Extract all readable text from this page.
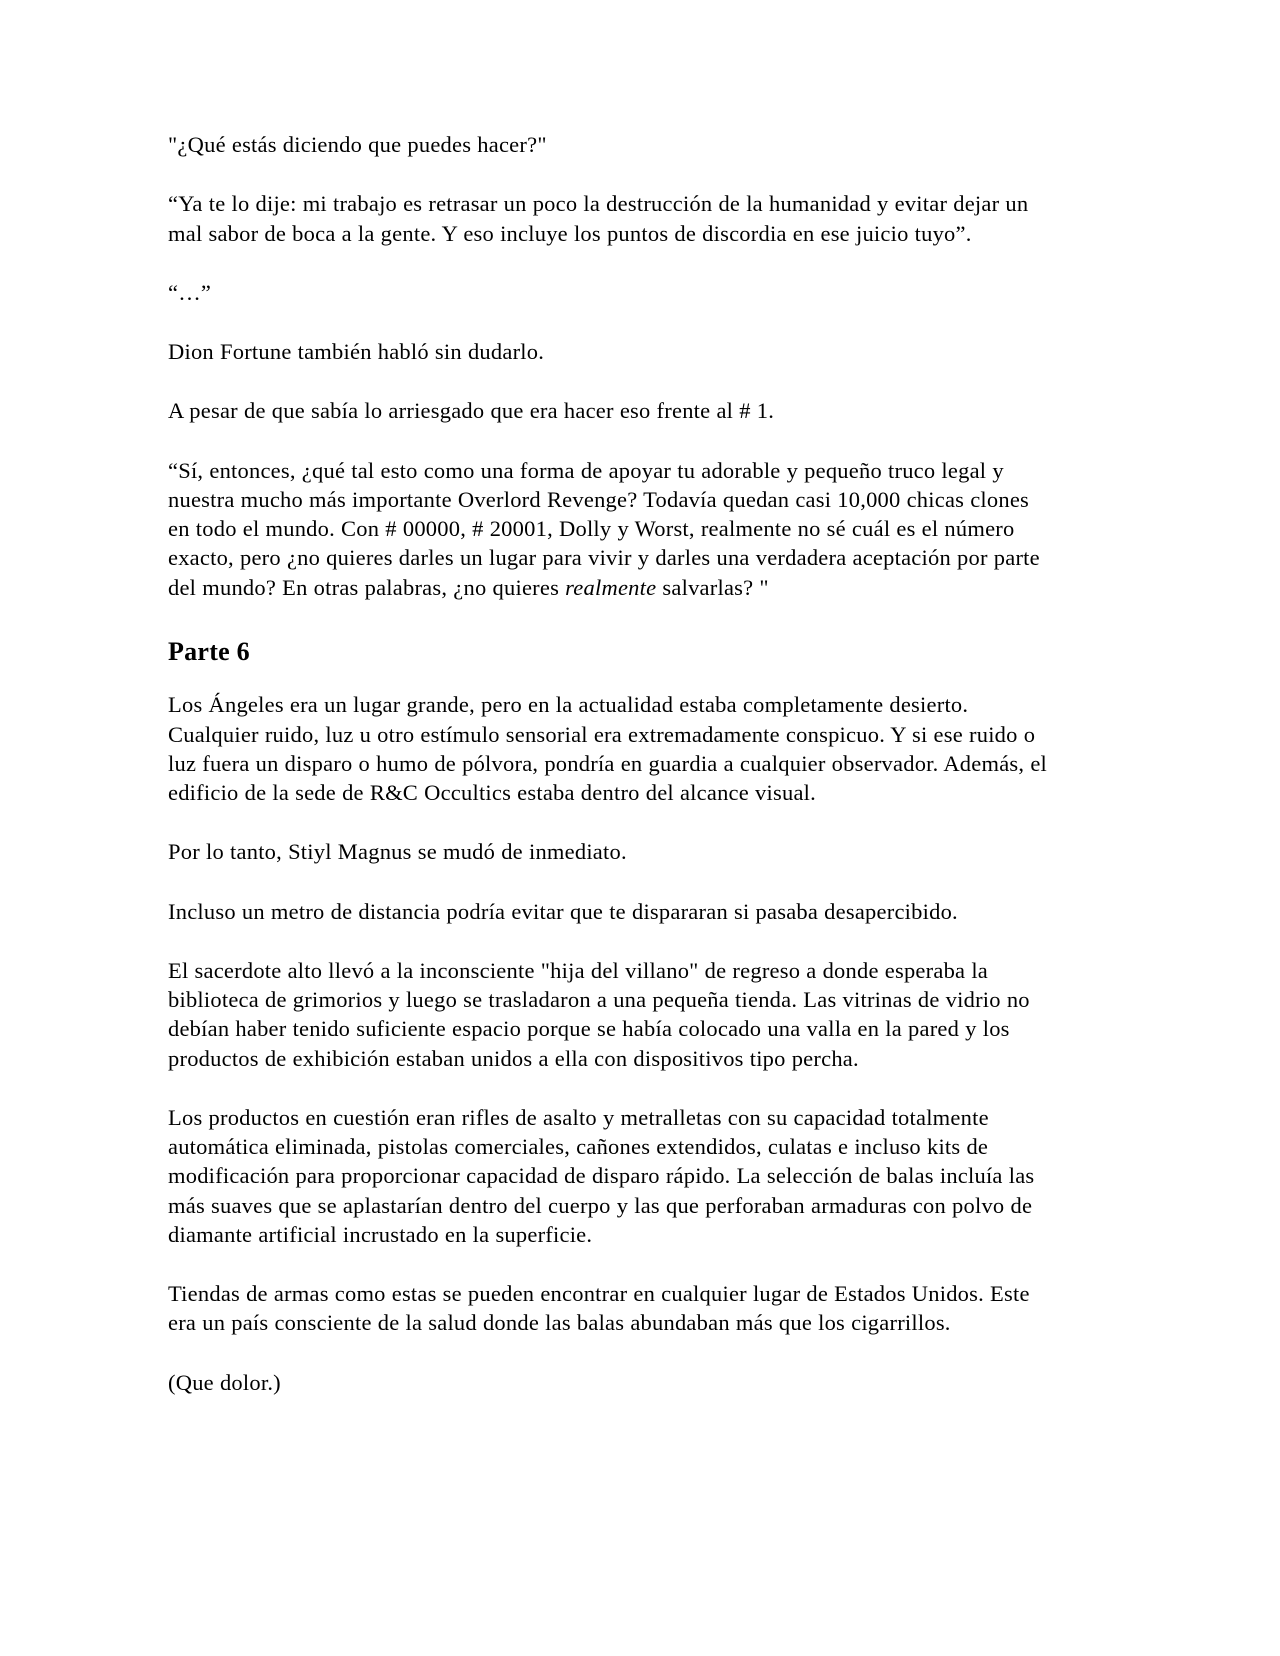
"¿Qué estás diciendo que puedes hacer?"

“Ya te lo dije: mi trabajo es retrasar un poco la destrucción de la humanidad y evitar dejar un mal sabor de boca a la gente. Y eso incluye los puntos de discordia en ese juicio tuyo”.

“…”

Dion Fortune también habló sin dudarlo.

A pesar de que sabía lo arriesgado que era hacer eso frente al # 1.

“Sí, entonces, ¿qué tal esto como una forma de apoyar tu adorable y pequeño truco legal y nuestra mucho más importante Overlord Revenge? Todavía quedan casi 10,000 chicas clones en todo el mundo. Con # 00000, # 20001, Dolly y Worst, realmente no sé cuál es el número exacto, pero ¿no quieres darles un lugar para vivir y darles una verdadera aceptación por parte del mundo? En otras palabras, ¿no quieres realmente salvarlas? "

Parte 6

Los Ángeles era un lugar grande, pero en la actualidad estaba completamente desierto. Cualquier ruido, luz u otro estímulo sensorial era extremadamente conspicuo. Y si ese ruido o luz fuera un disparo o humo de pólvora, pondría en guardia a cualquier observador. Además, el edificio de la sede de R&C Occultics estaba dentro del alcance visual.

Por lo tanto, Stiyl Magnus se mudó de inmediato.

Incluso un metro de distancia podría evitar que te dispararan si pasaba desapercibido.

El sacerdote alto llevó a la inconsciente "hija del villano" de regreso a donde esperaba la biblioteca de grimorios y luego se trasladaron a una pequeña tienda. Las vitrinas de vidrio no debían haber tenido suficiente espacio porque se había colocado una valla en la pared y los productos de exhibición estaban unidos a ella con dispositivos tipo percha.

Los productos en cuestión eran rifles de asalto y metralletas con su capacidad totalmente automática eliminada, pistolas comerciales, cañones extendidos, culatas e incluso kits de modificación para proporcionar capacidad de disparo rápido. La selección de balas incluía las más suaves que se aplastarían dentro del cuerpo y las que perforaban armaduras con polvo de diamante artificial incrustado en la superficie.

Tiendas de armas como estas se pueden encontrar en cualquier lugar de Estados Unidos. Este era un país consciente de la salud donde las balas abundaban más que los cigarrillos.

(Que dolor.)
